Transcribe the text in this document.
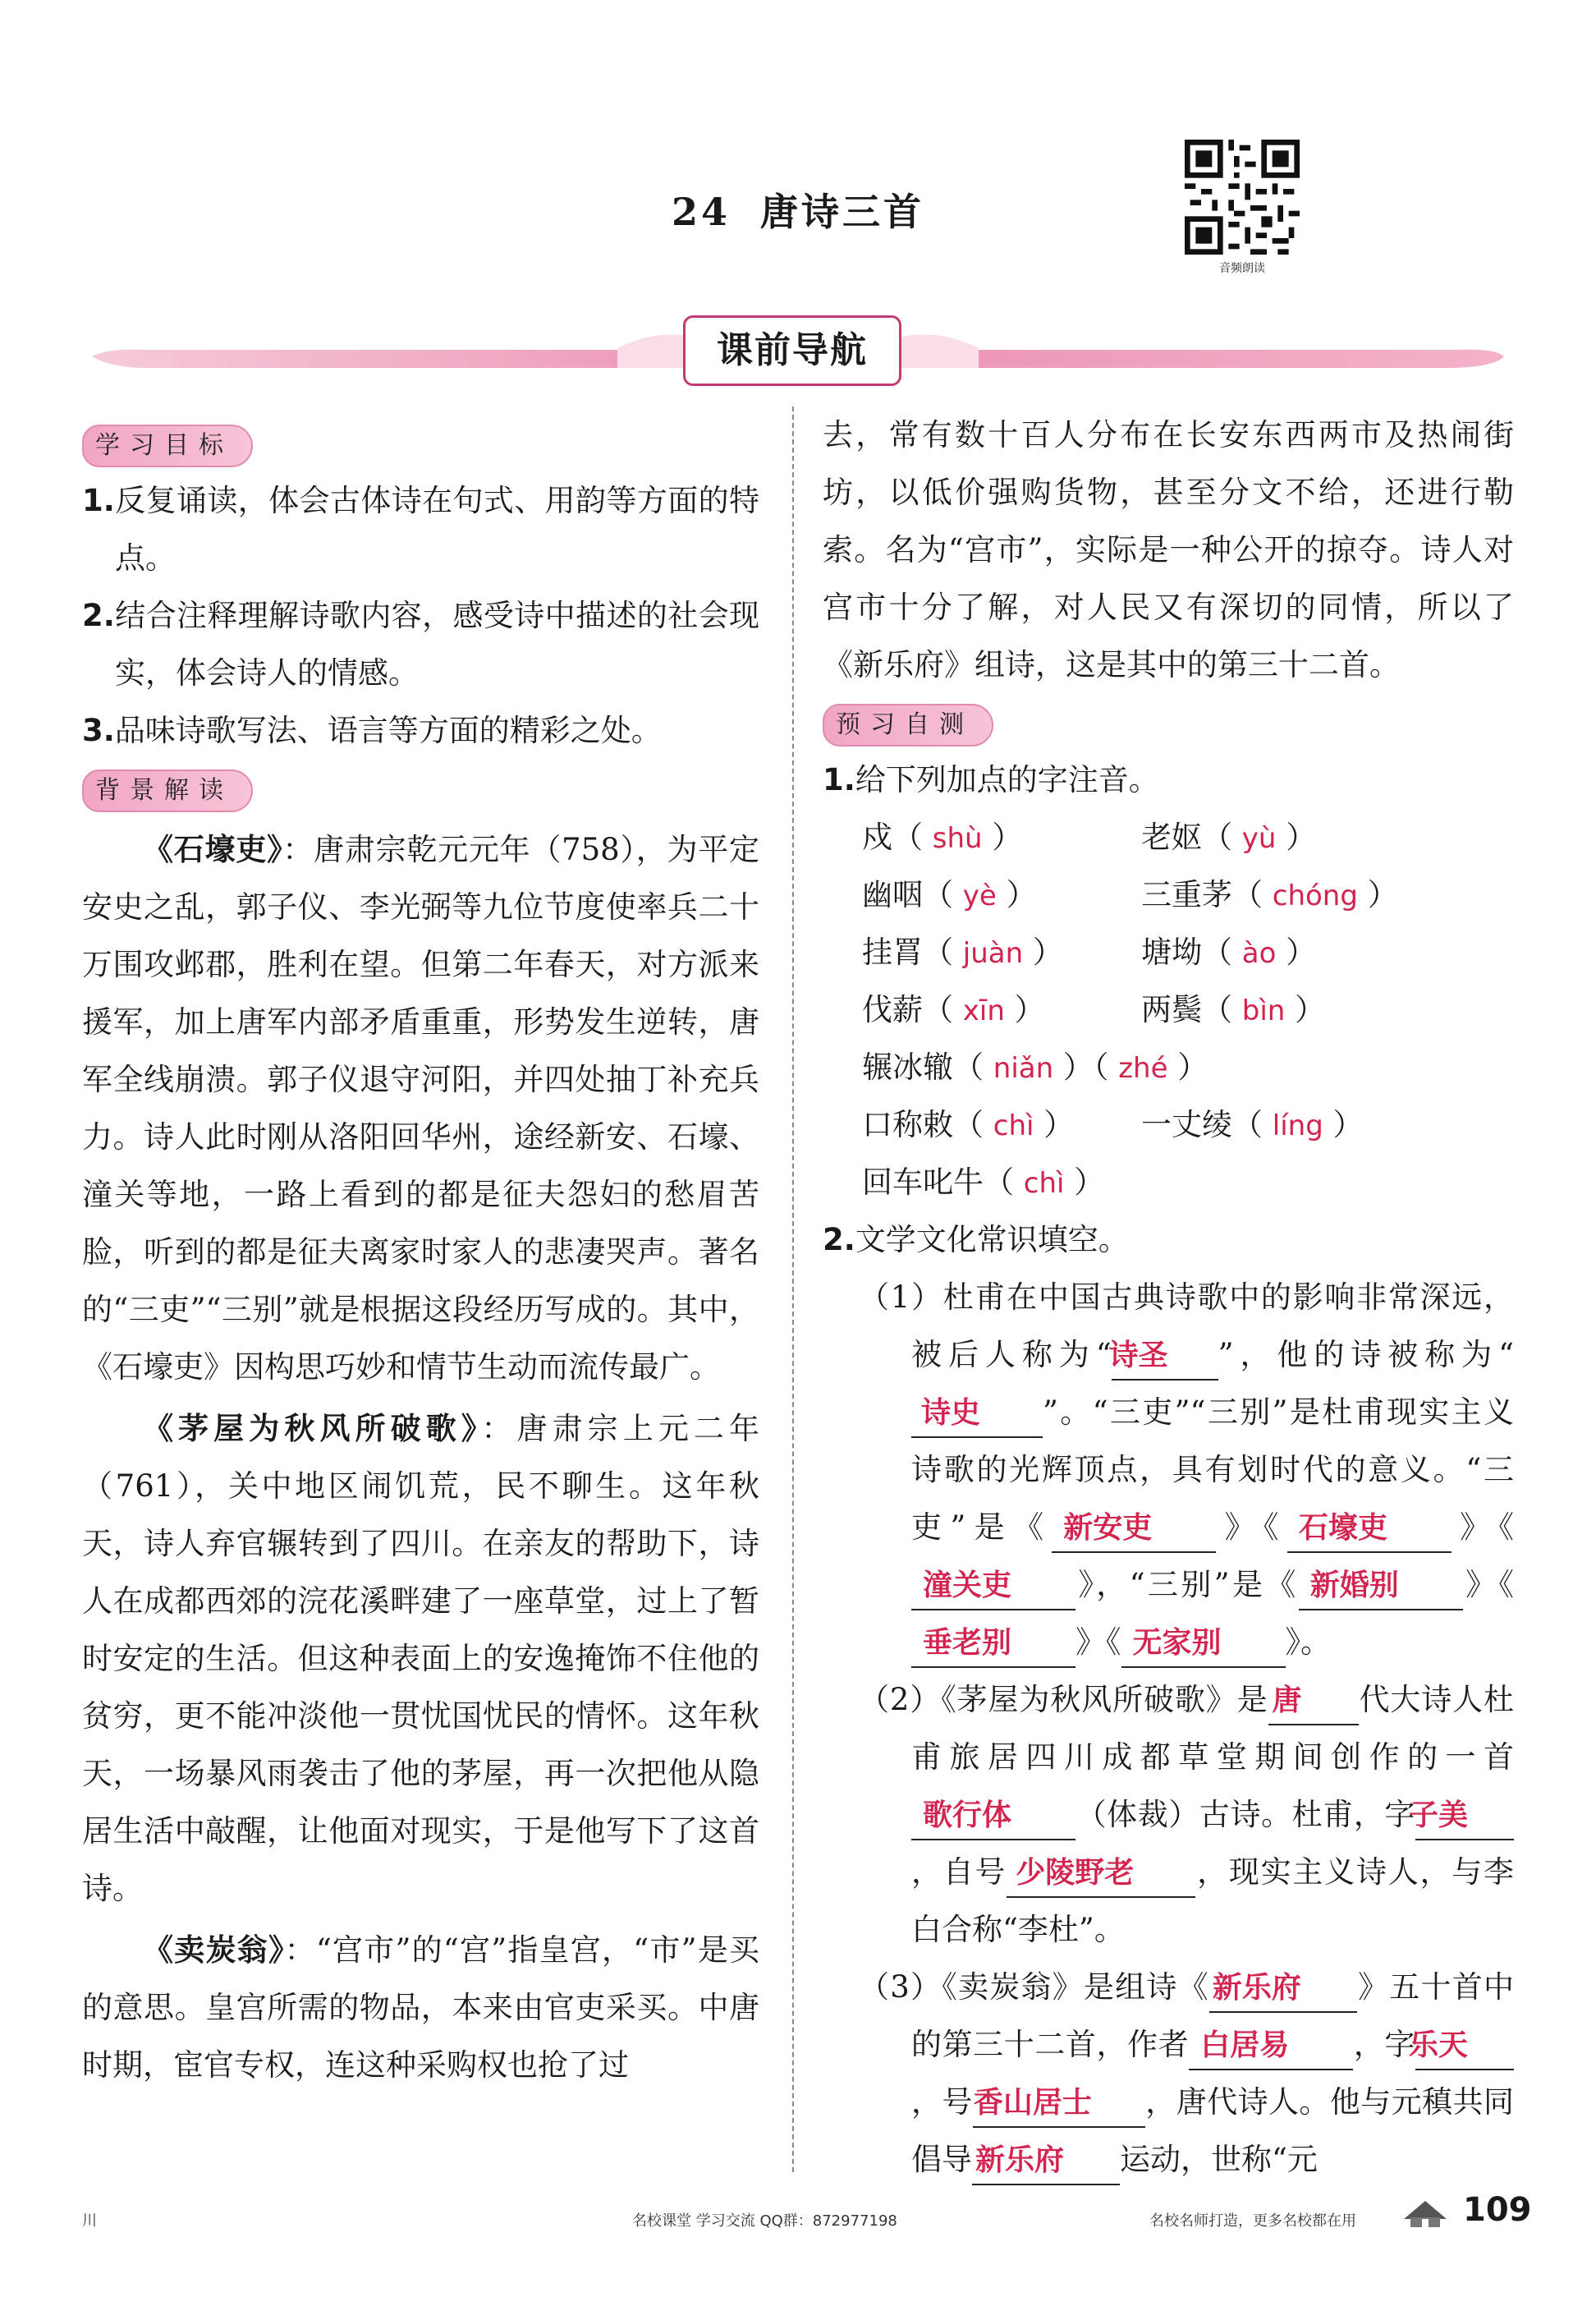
24 唐诗三首
音频朗读
课前导航
学习目标
1.反复诵读，体会古体诗在句式、用韵等方面的特点。
2.结合注释理解诗歌内容，感受诗中描述的社会现实，体会诗人的情感。
3.品味诗歌写法、语言等方面的精彩之处。
背景解读
《石壕吏》：唐肃宗乾元元年（758），为平定安史之乱，郭子仪、李光弼等九位节度使率兵二十万围攻邺郡，胜利在望。但第二年春天，对方派来援军，加上唐军内部矛盾重重，形势发生逆转，唐军全线崩溃。郭子仪退守河阳，并四处抽丁补充兵力。诗人此时刚从洛阳回华州，途经新安、石壕、潼关等地，一路上看到的都是征夫怨妇的愁眉苦脸，听到的都是征夫离家时家人的悲凄哭声。著名的“三吏”“三别”就是根据这段经历写成的。其中，《石壕吏》因构思巧妙和情节生动而流传最广。
《茅屋为秋风所破歌》：唐肃宗上元二年（761），关中地区闹饥荒，民不聊生。这年秋天，诗人弃官辗转到了四川。在亲友的帮助下，诗人在成都西郊的浣花溪畔建了一座草堂，过上了暂时安定的生活。但这种表面上的安逸掩饰不住他的贫穷，更不能冲淡他一贯忧国忧民的情怀。这年秋天，一场暴风雨袭击了他的茅屋，再一次把他从隐居生活中敲醒，让他面对现实，于是他写下了这首诗。
《卖炭翁》：“宫市”的“宫”指皇宫，“市”是买的意思。皇宫所需的物品，本来由官吏采买。中唐时期，宦官专权，连这种采购权也抢了过
去，常有数十百人分布在长安东西两市及热闹街坊，以低价强购货物，甚至分文不给，还进行勒索。名为“宫市”，实际是一种公开的掠夺。诗人对宫市十分了解，对人民又有深切的同情，所以了《新乐府》组诗，这是其中的第三十二首。
预习自测
1.给下列加点的字注音。
戍（ shù ）	老妪（ yù ）
幽咽（ yè ）	三重茅（ chóng ）
挂罥（ juàn ）	塘坳（ ào ）
伐薪（ xīn ）	两鬓（ bìn ）
辗冰辙（ niǎn ）（ zhé ）
口称敕（ chì ）	一丈绫（ líng ）
回车叱牛（ chì ）
2.文学文化常识填空。
（1）杜甫在中国古典诗歌中的影响非常深远，被后人称为“诗圣 ”，他的诗被称为“诗史 ”。“三吏”“三别”是杜甫现实主义诗歌的光辉顶点，具有划时代的意义。“三吏”是《 新安吏 》《 石壕吏 》《潼关吏 》，“三别”是《 新婚别 》《垂老别 》《 无家别 》。
（2）《茅屋为秋风所破歌》是 唐 代大诗人杜甫旅居四川成都草堂期间创作的一首歌行体 （体裁）古诗。杜甫，字子美，自号 少陵野老 ，现实主义诗人，与李白合称“李杜”。
（3）《卖炭翁》是组诗《 新乐府 》五十首中的第三十二首，作者 白居易 ，字乐天，号香山居士 ，唐代诗人。他与元稹共同倡导 新乐府 运动，世称“元
川	名校课堂 学习交流 QQ群：872977198	名校名师打造，更多名校都在用	109
